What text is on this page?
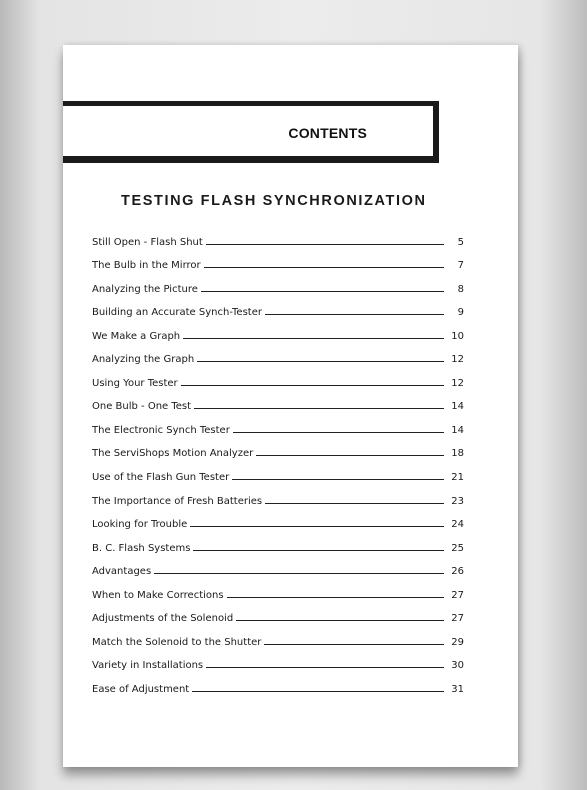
CONTENTS
TESTING FLASH SYNCHRONIZATION
Still Open - Flash Shut	5
The Bulb in the Mirror	7
Analyzing the Picture	8
Building an Accurate Synch-Tester	9
We Make a Graph	10
Analyzing the Graph	12
Using Your Tester	12
One Bulb - One Test	14
The Electronic Synch Tester	14
The ServiShops Motion Analyzer	18
Use of the Flash Gun Tester	21
The Importance of Fresh Batteries	23
Looking for Trouble	24
B. C. Flash Systems	25
Advantages	26
When to Make Corrections	27
Adjustments of the Solenoid	27
Match the Solenoid to the Shutter	29
Variety in Installations	30
Ease of Adjustment	31
